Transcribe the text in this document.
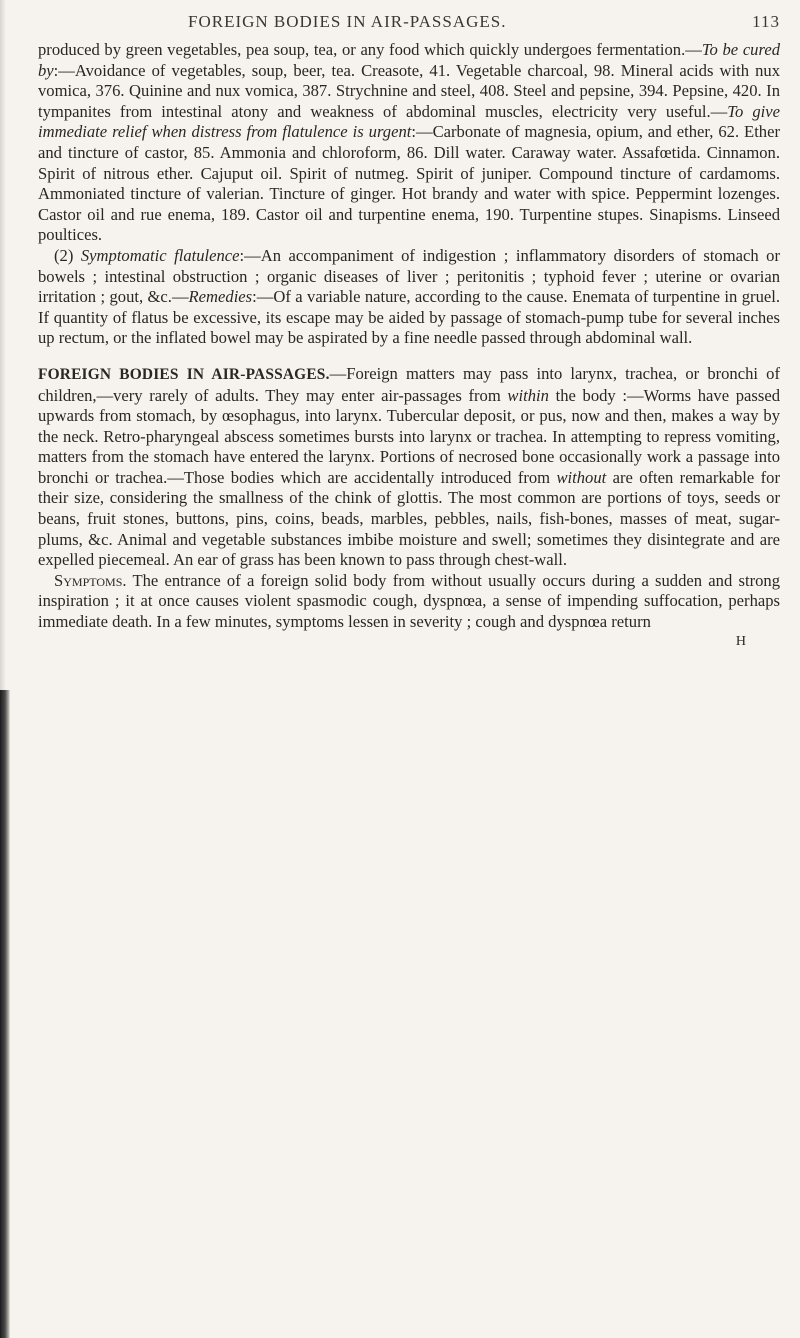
FOREIGN BODIES IN AIR-PASSAGES.	113

produced by green vegetables, pea soup, tea, or any food which quickly undergoes fermentation.—To be cured by:—Avoidance of vegetables, soup, beer, tea. Creasote, 41. Vegetable charcoal, 98. Mineral acids with nux vomica, 376. Quinine and nux vomica, 387. Strychnine and steel, 408. Steel and pepsine, 394. Pepsine, 420. In tympanites from intestinal atony and weakness of abdominal muscles, electricity very useful.—To give immediate relief when distress from flatulence is urgent:—Carbonate of magnesia, opium, and ether, 62. Ether and tincture of castor, 85. Ammonia and chloroform, 86. Dill water. Caraway water. Assafœtida. Cinnamon. Spirit of nitrous ether. Cajuput oil. Spirit of nutmeg. Spirit of juniper. Compound tincture of cardamoms. Ammoniated tincture of valerian. Tincture of ginger. Hot brandy and water with spice. Peppermint lozenges. Castor oil and rue enema, 189. Castor oil and turpentine enema, 190. Turpentine stupes. Sinapisms. Linseed poultices.

(2) Symptomatic flatulence:—An accompaniment of indigestion ; inflammatory disorders of stomach or bowels ; intestinal obstruction ; organic diseases of liver ; peritonitis ; typhoid fever ; uterine or ovarian irritation ; gout, &c.—Remedies:—Of a variable nature, according to the cause. Enemata of turpentine in gruel. If quantity of flatus be excessive, its escape may be aided by passage of stomach-pump tube for several inches up rectum, or the inflated bowel may be aspirated by a fine needle passed through abdominal wall.

FOREIGN BODIES IN AIR-PASSAGES.—Foreign matters may pass into larynx, trachea, or bronchi of children,—very rarely of adults. They may enter air-passages from within the body :—Worms have passed upwards from stomach, by œsophagus, into larynx. Tubercular deposit, or pus, now and then, makes a way by the neck. Retro-pharyngeal abscess sometimes bursts into larynx or trachea. In attempting to repress vomiting, matters from the stomach have entered the larynx. Portions of necrosed bone occasionally work a passage into bronchi or trachea.—Those bodies which are accidentally introduced from without are often remarkable for their size, considering the smallness of the chink of glottis. The most common are portions of toys, seeds or beans, fruit stones, buttons, pins, coins, beads, marbles, pebbles, nails, fish-bones, masses of meat, sugar-plums, &c. Animal and vegetable substances imbibe moisture and swell; sometimes they disintegrate and are expelled piecemeal. An ear of grass has been known to pass through chest-wall.

Symptoms. The entrance of a foreign solid body from without usually occurs during a sudden and strong inspiration ; it at once causes violent spasmodic cough, dyspnœa, a sense of impending suffocation, perhaps immediate death. In a few minutes, symptoms lessen in severity ; cough and dyspnœa return

H
